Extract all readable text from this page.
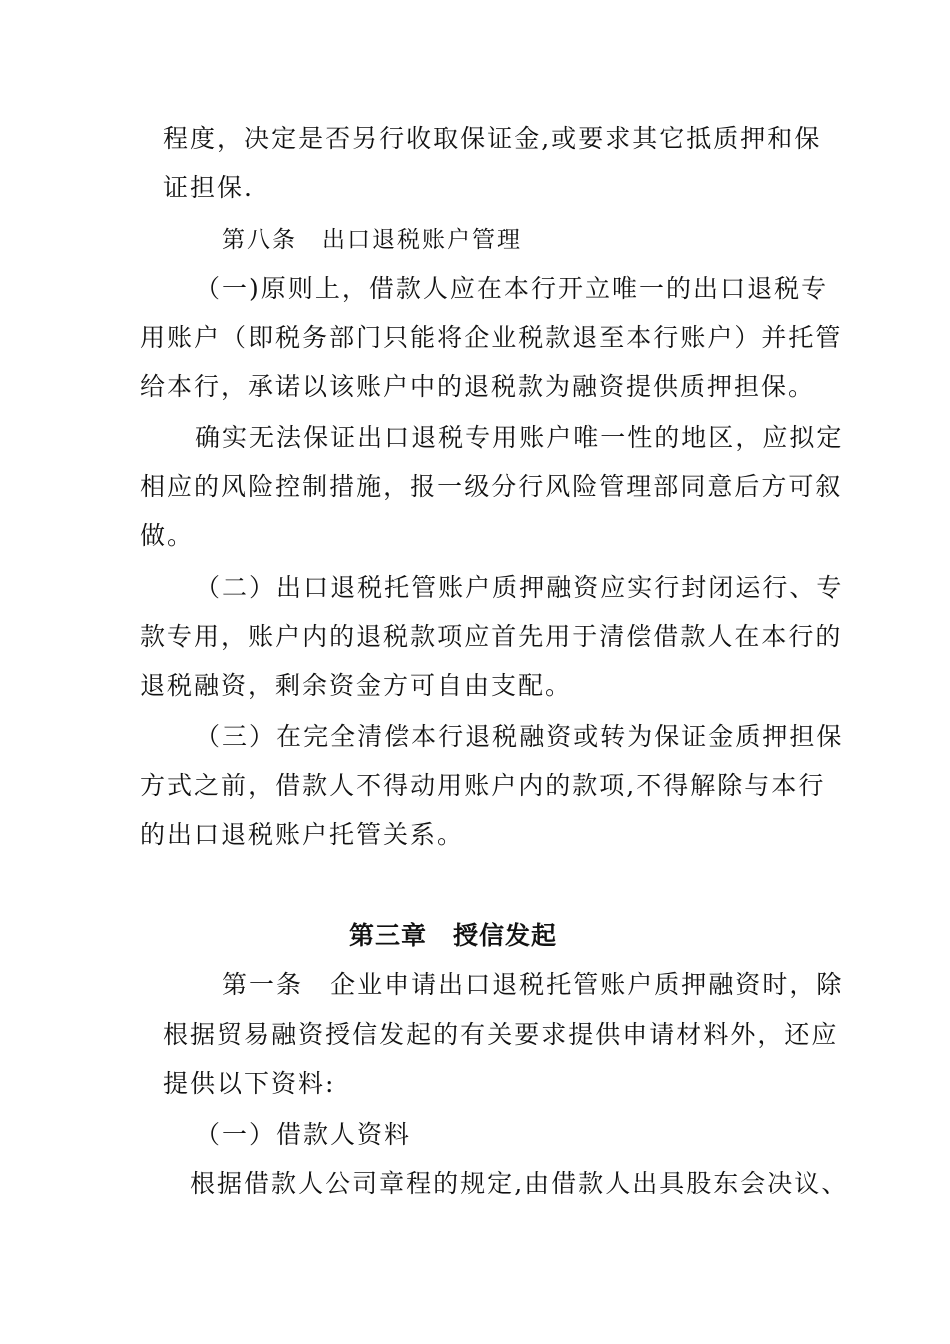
程 度 ， 决 定 是 否 另 行 收 取 保 证 金 , 或 要 求 其 它 抵 质 押 和 保
证担保.
第八条　出口退税账户管理
（ 一 ) 原 则 上 ， 借 款 人 应 在 本 行 开 立 唯 一 的 出 口 退 税 专
用 账 户 （ 即 税 务 部 门 只 能 将 企 业 税 款 退 至 本 行 账 户 ） 并 托 管
给本行，承诺以该账户中的退税款为融资提供质押担保。
确 实 无 法 保 证 出 口 退 税 专 用 账 户 唯 一 性 的 地 区 ， 应 拟 定
相 应 的 风 险 控 制 措 施 ， 报 一 级 分 行 风 险 管 理 部 同 意 后 方 可 叙
做。
（ 二 ） 出 口 退 税 托 管 账 户 质 押 融 资 应 实 行 封 闭 运 行 、 专
款 专 用 ， 账 户 内 的 退 税 款 项 应 首 先 用 于 清 偿 借 款 人 在 本 行 的
退税融资，剩余资金方可自由支配。
（ 三 ） 在 完 全 清 偿 本 行 退 税 融 资 或 转 为 保 证 金 质 押 担 保
方 式 之 前 ， 借 款 人 不 得 动 用 账 户 内 的 款 项 , 不 得 解 除 与 本 行
的出口退税账户托管关系。
第三章　授信发起
第 一 条
　 企 业 申 请 出 口 退 税 托 管 账 户 质 押 融 资 时 ， 除
根 据 贸 易 融 资 授 信 发 起 的 有 关 要 求 提 供 申 请 材 料 外 ， 还 应
提供以下资料:
（一）借款人资料
根 据 借 款 人 公 司 章 程 的 规 定 , 由 借 款 人 出 具 股 东 会 决 议 、
